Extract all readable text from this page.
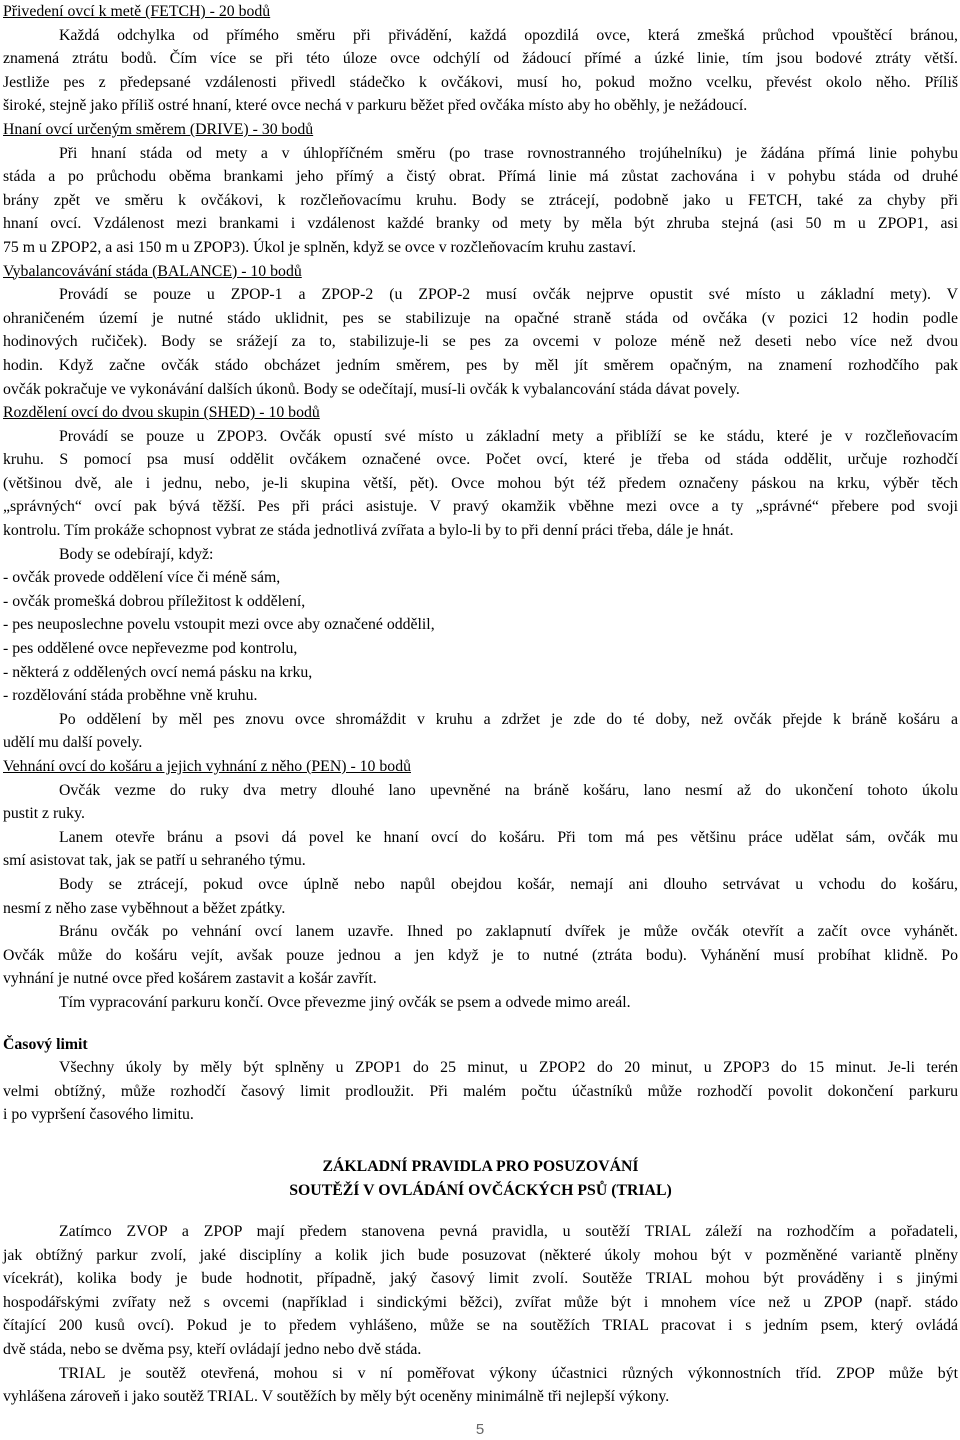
Přivedení ovcí k metě (FETCH) - 20 bodů
Každá odchylka od přímého směru při přivádění, každá opozdilá ovce, která zmešká průchod vpouštěcí bránou,
znamená ztrátu bodů. Čím více se při této úloze ovce odchýlí od žádoucí přímé a úzké linie, tím jsou bodové ztráty větší.
Jestliže pes z předepsané vzdálenosti přivedl stádečko k ovčákovi, musí ho, pokud možno vcelku, převést okolo něho. Příliš
široké, stejně jako příliš ostré hnaní, které ovce nechá v parkuru běžet před ovčáka místo aby ho oběhly, je nežádoucí.
Hnaní ovcí určeným směrem (DRIVE) - 30 bodů
Při hnaní stáda od mety a v úhlopříčném směru (po trase rovnostranného trojúhelníku) je žádána přímá linie pohybu
stáda a po průchodu oběma brankami jeho přímý a čistý obrat. Přímá linie má zůstat zachována i v pohybu stáda od druhé
brány zpět ve směru k ovčákovi, k rozčleňovacímu kruhu. Body se ztrácejí, podobně jako u FETCH, také za chyby při
hnaní ovcí. Vzdálenost mezi brankami i vzdálenost každé branky od mety by měla být zhruba stejná (asi 50 m u ZPOP1, asi
75 m u ZPOP2, a asi 150 m u ZPOP3). Úkol je splněn, když se ovce v rozčleňovacím kruhu zastaví.
Vybalancovávání stáda (BALANCE) - 10 bodů
Provádí se pouze u ZPOP-1 a ZPOP-2 (u ZPOP-2 musí ovčák nejprve opustit své místo u základní mety). V
ohraničeném území je nutné stádo uklidnit, pes se stabilizuje na opačné straně stáda od ovčáka (v pozici 12 hodin podle
hodinových ručiček). Body se srážejí za to, stabilizuje-li se pes za ovcemi v poloze méně než deseti nebo více než dvou
hodin. Když začne ovčák stádo obcházet jedním směrem, pes by měl jít směrem opačným, na znamení rozhodčího pak
ovčák pokračuje ve vykonávání dalších úkonů. Body se odečítají, musí-li ovčák k vybalancování stáda dávat povely.
Rozdělení ovcí do dvou skupin (SHED) - 10 bodů
Provádí se pouze u ZPOP3. Ovčák opustí své místo u základní mety a přiblíží se ke stádu, které je v rozčleňovacím
kruhu. S pomocí psa musí oddělit ovčákem označené ovce. Počet ovcí, které je třeba od stáda oddělit, určuje rozhodčí
(většinou dvě, ale i jednu, nebo, je-li skupina větší, pět). Ovce mohou být též předem označeny páskou na krku, výběr těch
„správných“ ovcí pak bývá těžší. Pes při práci asistuje. V pravý okamžik vběhne mezi ovce a ty „správné“ přebere pod svoji
kontrolu. Tím prokáže schopnost vybrat ze stáda jednotlivá zvířata a bylo-li by to při denní práci třeba, dále je hnát.
Body se odebírají, když:
- ovčák provede oddělení více či méně sám,
- ovčák promešká dobrou příležitost k oddělení,
- pes neuposlechne povelu vstoupit mezi ovce aby označené oddělil,
- pes oddělené ovce nepřevezme pod kontrolu,
- některá z oddělených ovcí nemá pásku na krku,
- rozdělování stáda proběhne vně kruhu.
Po oddělení by měl pes znovu ovce shromáždit v kruhu a zdržet je zde do té doby, než ovčák přejde k bráně košáru a
udělí mu další povely.
Vehnání ovcí do košáru a jejich vyhnání z něho (PEN) - 10 bodů
Ovčák vezme do ruky dva metry dlouhé lano upevněné na bráně košáru, lano nesmí až do ukončení tohoto úkolu
pustit z ruky.
Lanem otevře bránu a psovi dá povel ke hnaní ovcí do košáru. Při tom má pes většinu práce udělat sám, ovčák mu
smí asistovat tak, jak se patří u sehraného týmu.
Body se ztrácejí, pokud ovce úplně nebo napůl obejdou košár, nemají ani dlouho setrvávat u vchodu do košáru,
nesmí z něho zase vyběhnout a běžet zpátky.
Bránu ovčák po vehnání ovcí lanem uzavře. Ihned po zaklapnutí dvířek je může ovčák otevřít a začít ovce vyhánět.
Ovčák může do košáru vejít, avšak pouze jednou a jen když je to nutné (ztráta bodu). Vyhánění musí probíhat klidně. Po
vyhnání je nutné ovce před košárem zastavit a košár zavřít.
Tím vypracování parkuru končí. Ovce převezme jiný ovčák se psem a odvede mimo areál.
Časový limit
Všechny úkoly by měly být splněny u ZPOP1 do 25 minut, u ZPOP2 do 20 minut, u ZPOP3 do 15 minut. Je-li terén
velmi obtížný, může rozhodčí časový limit prodloužit. Při malém počtu účastníků může rozhodčí povolit dokončení parkuru
i po vypršení časového limitu.
ZÁKLADNÍ PRAVIDLA PRO POSUZOVÁNÍ
SOUTĚŽÍ V OVLÁDÁNÍ OVČÁCKÝCH PSŮ (TRIAL)
Zatímco ZVOP a ZPOP mají předem stanovena pevná pravidla, u soutěží TRIAL záleží na rozhodčím a pořadateli,
jak obtížný parkur zvolí, jaké disciplíny a kolik jich bude posuzovat (některé úkoly mohou být v pozměněné variantě plněny
vícekrát), kolika body je bude hodnotit, případně, jaký časový limit zvolí. Soutěže TRIAL mohou být prováděny i s jinými
hospodářskými zvířaty než s ovcemi (například i sindickými běžci), zvířat může být i mnohem více než u ZPOP (např. stádo
čítající 200 kusů ovcí). Pokud je to předem vyhlášeno, může se na soutěžích TRIAL pracovat i s jedním psem, který ovládá
dvě stáda, nebo se dvěma psy, kteří ovládají jedno nebo dvě stáda.
TRIAL je soutěž otevřená, mohou si v ní poměřovat výkony účastnici různých výkonnostních tříd. ZPOP může být
vyhlášena zároveň i jako soutěž TRIAL. V soutěžích by měly být oceněny minimálně tři nejlepší výkony.
5
